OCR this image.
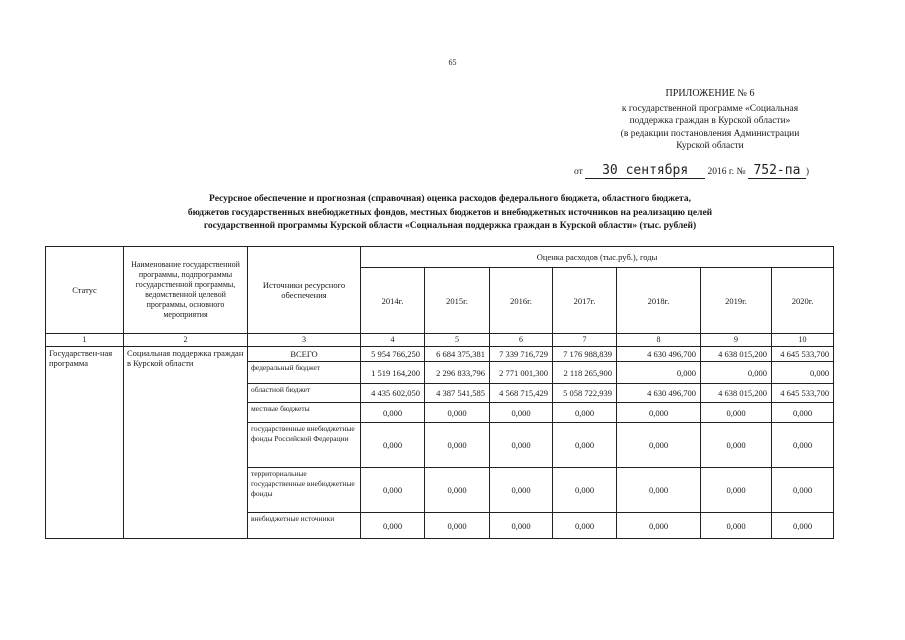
65
ПРИЛОЖЕНИЕ № 6
к государственной программе «Социальная
поддержка граждан в Курской области»
(в редакции постановления Администрации
Курской области
от 30 сентября 2016 г. № 752-па )
Ресурсное обеспечение и прогнозная (справочная) оценка расходов федерального бюджета, областного бюджета,
бюджетов государственных внебюджетных фондов, местных бюджетов и внебюджетных источников на реализацию целей
государственной программы Курской области «Социальная поддержка граждан в Курской области» (тыс. рублей)
Статус	Наименование государственной программы, подпрограммы государственной программы, ведомственной целевой программы, основного мероприятия	Источники ресурсного обеспечения	Оценка расходов (тыс.руб.), годы						
			2014г.	2015г.	2016г.	2017г.	2018г.	2019г.	2020г.
1	2	3	4	5	6	7	8	9	10
Государствен-ная программа	Социальная поддержка граждан в Курской области	ВСЕГО	5 954 766,250	6 684 375,381	7 339 716,729	7 176 988,839	4 630 496,700	4 638 015,200	4 645 533,700
		федеральный бюджет	1 519 164,200	2 296 833,796	2 771 001,300	2 118 265,900	0,000	0,000	0,000
		областной бюджет	4 435 602,050	4 387 541,585	4 568 715,429	5 058 722,939	4 630 496,700	4 638 015,200	4 645 533,700
		местные бюджеты	0,000	0,000	0,000	0,000	0,000	0,000	0,000
		государственные внебюджетные фонды Российской Федерации	0,000	0,000	0,000	0,000	0,000	0,000	0,000
		территориальные государственные внебюджетные фонды	0,000	0,000	0,000	0,000	0,000	0,000	0,000
		внебюджетные источники	0,000	0,000	0,000	0,000	0,000	0,000	0,000
